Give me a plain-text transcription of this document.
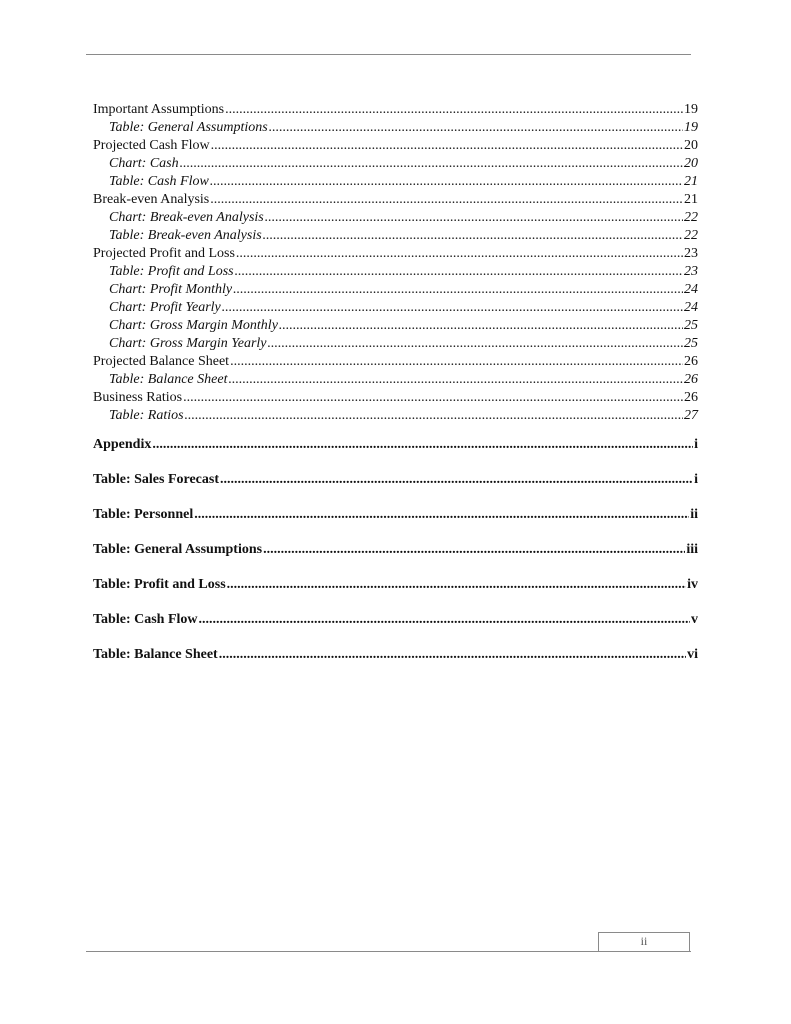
Important Assumptions .....	19
Table: General Assumptions .....	19
Projected Cash Flow .....	20
Chart: Cash .....	20
Table: Cash Flow .....	21
Break-even Analysis .....	21
Chart: Break-even Analysis .....	22
Table: Break-even Analysis .....	22
Projected Profit and Loss .....	23
Table: Profit and Loss .....	23
Chart: Profit Monthly .....	24
Chart: Profit Yearly .....	24
Chart: Gross Margin Monthly .....	25
Chart: Gross Margin Yearly .....	25
Projected Balance Sheet .....	26
Table: Balance Sheet .....	26
Business Ratios .....	26
Table: Ratios .....	27
Appendix .....	i
Table: Sales Forecast .....	i
Table: Personnel .....	ii
Table: General Assumptions .....	iii
Table: Profit and Loss .....	iv
Table: Cash Flow .....	v
Table: Balance Sheet .....	vi
ii
